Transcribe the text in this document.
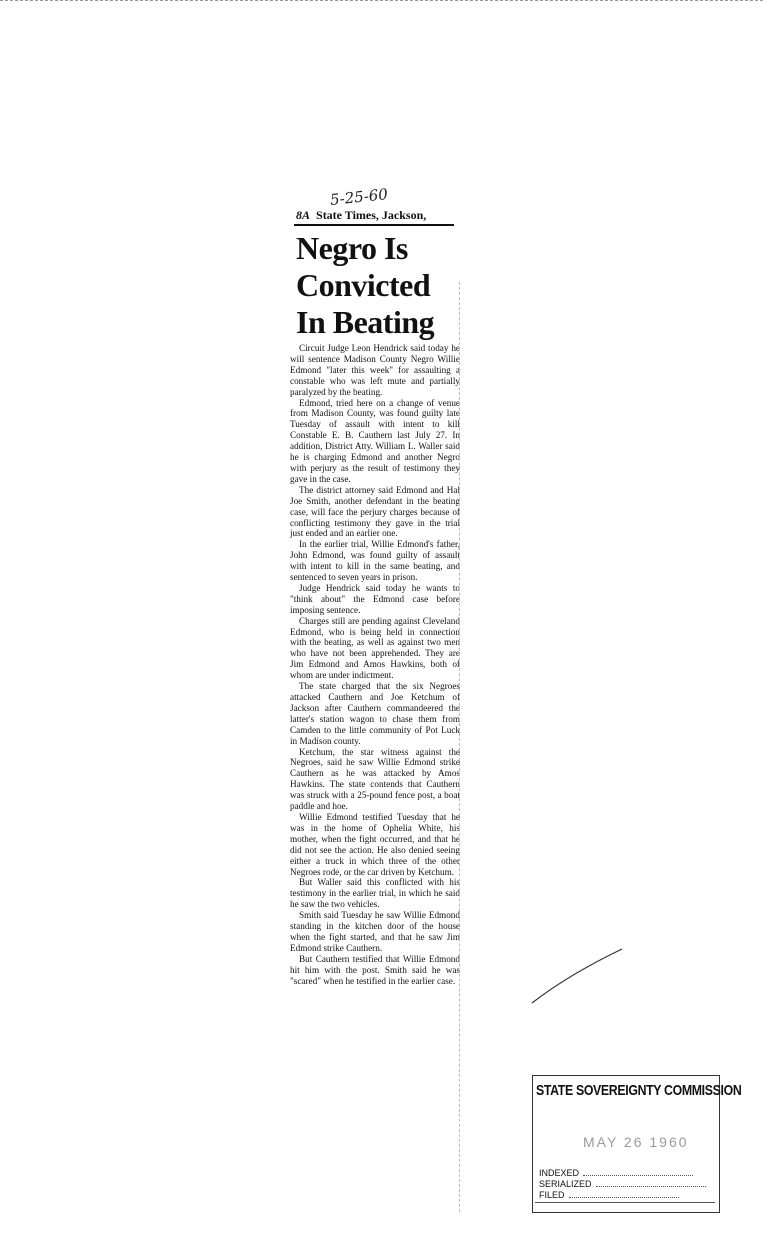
5-25-60
8A State Times, Jackson,
Negro Is
Convicted
In Beating

Circuit Judge Leon Hendrick said today he will sentence Madison County Negro Willie Edmond "later this week" for assaulting a constable who was left mute and partially paralyzed by the beating.

Edmond, tried here on a change of venue from Madison County, was found guilty late Tuesday of assault with intent to kill Constable E. B. Cauthern last July 27. In addition, District Atty. William L. Waller said he is charging Edmond and another Negro with perjury as the result of testimony they gave in the case.

The district attorney said Edmond and Hal Joe Smith, another defendant in the beating case, will face the perjury charges because of conflicting testimony they gave in the trial just ended and an earlier one.

In the earlier trial, Willie Edmond's father, John Edmond, was found guilty of assault with intent to kill in the same beating, and sentenced to seven years in prison.

Judge Hendrick said today he wants to "think about" the Edmond case before imposing sentence.

Charges still are pending against Cleveland Edmond, who is being held in connection with the beating, as well as against two men who have not been apprehended. They are Jim Edmond and Amos Hawkins, both of whom are under indictment.

The state charged that the six Negroes attacked Cauthern and Joe Ketchum of Jackson after Cauthern commandeered the latter's station wagon to chase them from Camden to the little community of Pot Luck in Madison county.

Ketchum, the star witness against the Negroes, said he saw Willie Edmond strike Cauthern as he was attacked by Amos Hawkins. The state contends that Cauthern was struck with a 25-pound fence post, a boat paddle and hoe.

Willie Edmond testified Tuesday that he was in the home of Ophelia White, his mother, when the fight occurred, and that he did not see the action. He also denied seeing either a truck in which three of the other Negroes rode, or the car driven by Ketchum.

But Waller said this conflicted with his testimony in the earlier trial, in which he said he saw the two vehicles.

Smith said Tuesday he saw Willie Edmond standing in the kitchen door of the house when the fight started, and that he saw Jim Edmond strike Cauthern.

But Cauthern testified that Willie Edmond hit him with the post. Smith said he was "scared" when he testified in the earlier case.

STATE SOVEREIGNTY COMMISSION
MAY 26 1960
INDEXED
SERIALIZED
FILED
